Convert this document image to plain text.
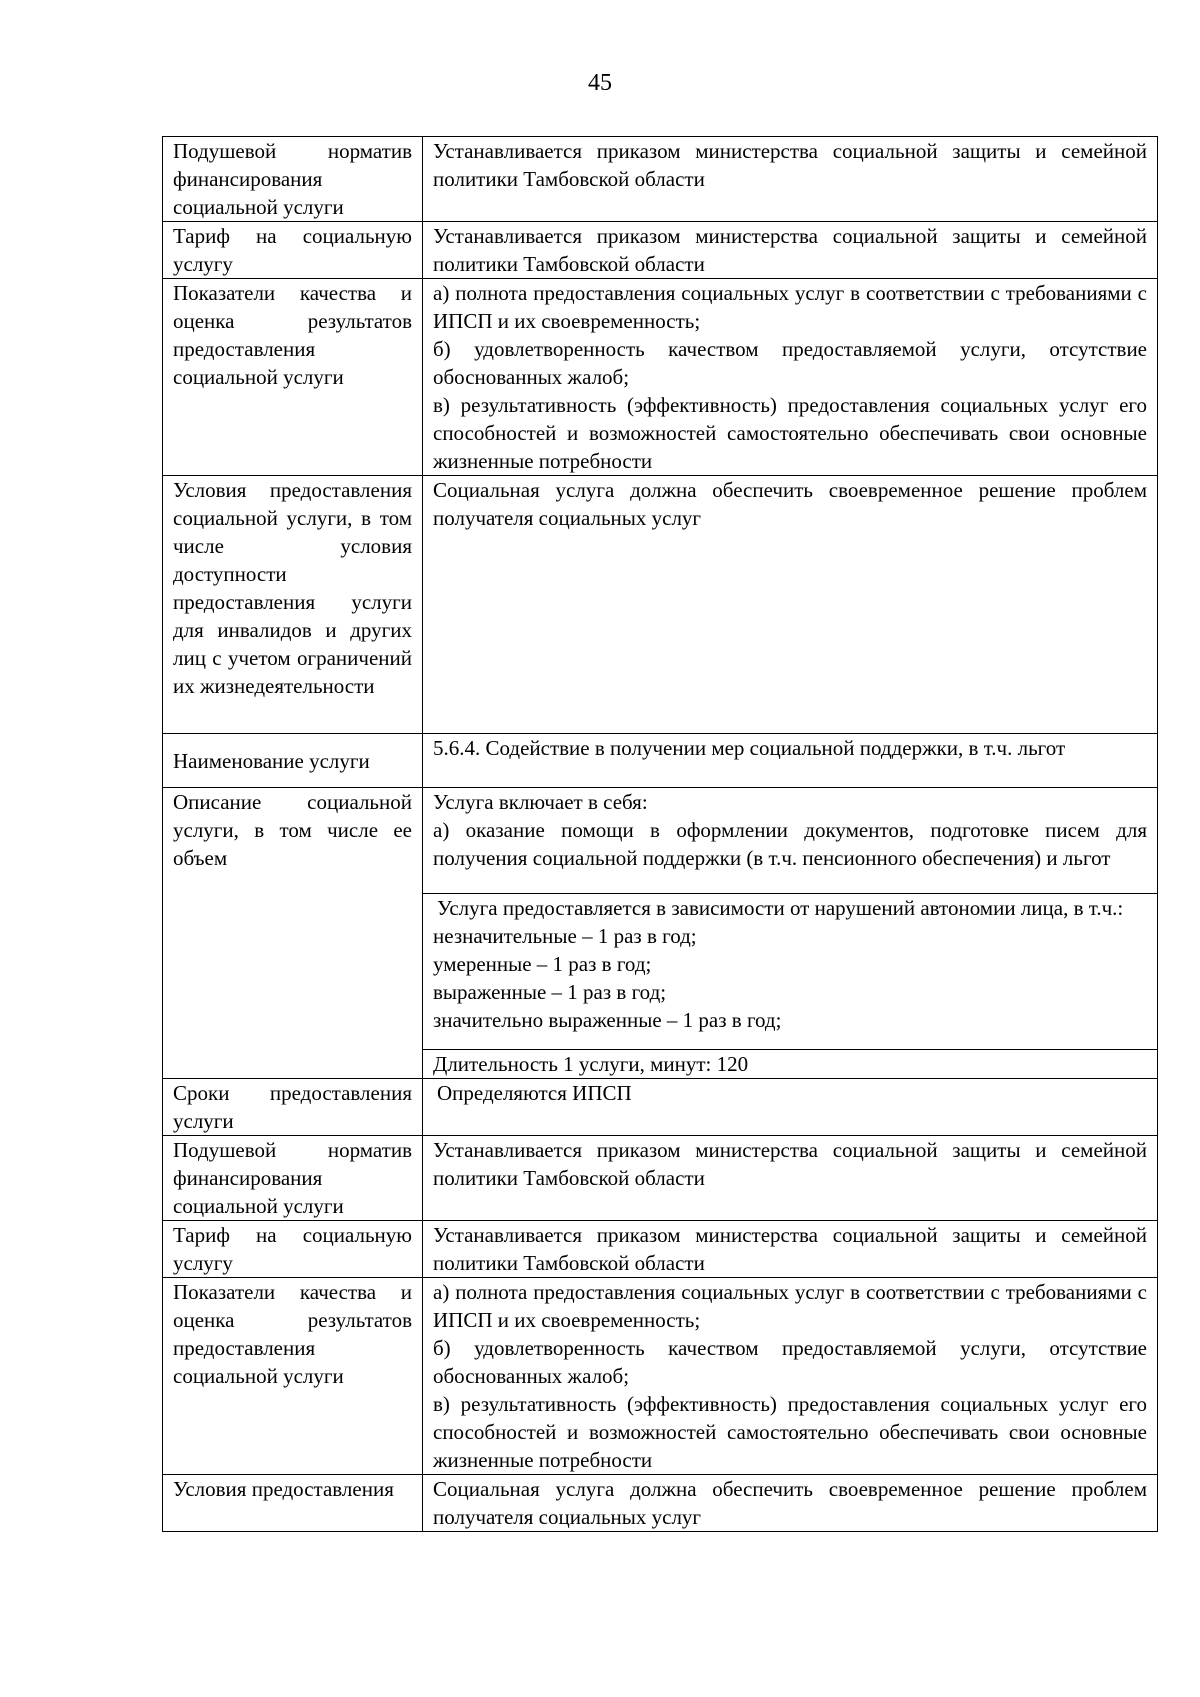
45
Подушевой норматив финансирования социальной услуги	Устанавливается приказом министерства социальной защиты и семейной политики Тамбовской области

Тариф на социальную услугу	Устанавливается приказом министерства социальной защиты и семейной политики Тамбовской области

Показатели качества и оценка результатов предоставления социальной услуги	а) полнота предоставления социальных услуг в соответствии с требованиями с ИПСП и их своевременность;
б) удовлетворенность качеством предоставляемой услуги, отсутствие обоснованных жалоб;
в) результативность (эффективность) предоставления социальных услуг его способностей и возможностей самостоятельно обеспечивать свои основные жизненные потребности

Условия предоставления социальной услуги, в том числе условия доступности предоставления услуги для инвалидов и других лиц с учетом ограничений их жизнедеятельности	Социальная услуга должна обеспечить своевременное решение проблем получателя социальных услуг

Наименование услуги	5.6.4. Содействие в получении мер социальной поддержки, в т.ч. льгот

Описание социальной услуги, в том числе ее объем	Услуга включает в себя:
а) оказание помощи в оформлении документов, подготовке писем для получения социальной поддержки (в т.ч. пенсионного обеспечения) и льгот

	Услуга предоставляется в зависимости от нарушений автономии лица, в т.ч.:
незначительные – 1 раз в год;
умеренные – 1 раз в год;
выраженные – 1 раз в год;
значительно выраженные – 1 раз в год;

	Длительность 1 услуги, минут: 120

Сроки предоставления услуги	Определяются ИПСП

Подушевой норматив финансирования социальной услуги	Устанавливается приказом министерства социальной защиты и семейной политики Тамбовской области

Тариф на социальную услугу	Устанавливается приказом министерства социальной защиты и семейной политики Тамбовской области

Показатели качества и оценка результатов предоставления социальной услуги	а) полнота предоставления социальных услуг в соответствии с требованиями с ИПСП и их своевременность;
б) удовлетворенность качеством предоставляемой услуги, отсутствие обоснованных жалоб;
в) результативность (эффективность) предоставления социальных услуг его способностей и возможностей самостоятельно обеспечивать свои основные жизненные потребности

Условия предоставления	Социальная услуга должна обеспечить своевременное решение проблем получателя социальных услуг
